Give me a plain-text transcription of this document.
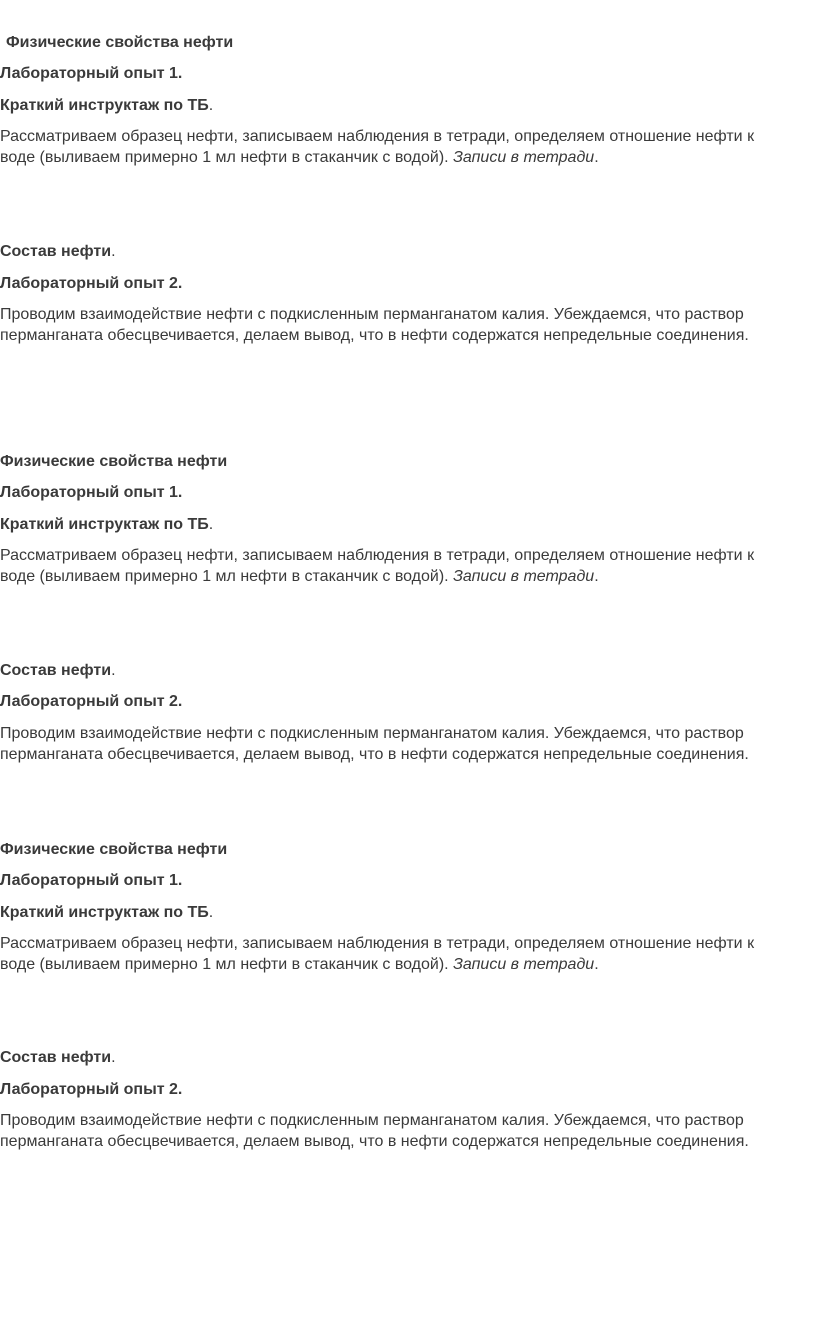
Физические свойства нефти
Лабораторный опыт 1.
Краткий инструктаж по ТБ.
Рассматриваем образец нефти, записываем наблюдения в тетради, определяем отношение нефти к
воде (выливаем примерно 1 мл нефти в стаканчик с водой). Записи в тетради.
Состав нефти.
Лабораторный опыт 2.
Проводим взаимодействие нефти с подкисленным перманганатом калия. Убеждаемся, что раствор
перманганата обесцвечивается, делаем вывод, что в нефти содержатся непредельные соединения.
Физические свойства нефти
Лабораторный опыт 1.
Краткий инструктаж по ТБ.
Рассматриваем образец нефти, записываем наблюдения в тетради, определяем отношение нефти к
воде (выливаем примерно 1 мл нефти в стаканчик с водой). Записи в тетради.
Состав нефти.
Лабораторный опыт 2.
Проводим взаимодействие нефти с подкисленным перманганатом калия. Убеждаемся, что раствор
перманганата обесцвечивается, делаем вывод, что в нефти содержатся непредельные соединения.
Физические свойства нефти
Лабораторный опыт 1.
Краткий инструктаж по ТБ.
Рассматриваем образец нефти, записываем наблюдения в тетради, определяем отношение нефти к
воде (выливаем примерно 1 мл нефти в стаканчик с водой). Записи в тетради.
Состав нефти.
Лабораторный опыт 2.
Проводим взаимодействие нефти с подкисленным перманганатом калия. Убеждаемся, что раствор
перманганата обесцвечивается, делаем вывод, что в нефти содержатся непредельные соединения.
